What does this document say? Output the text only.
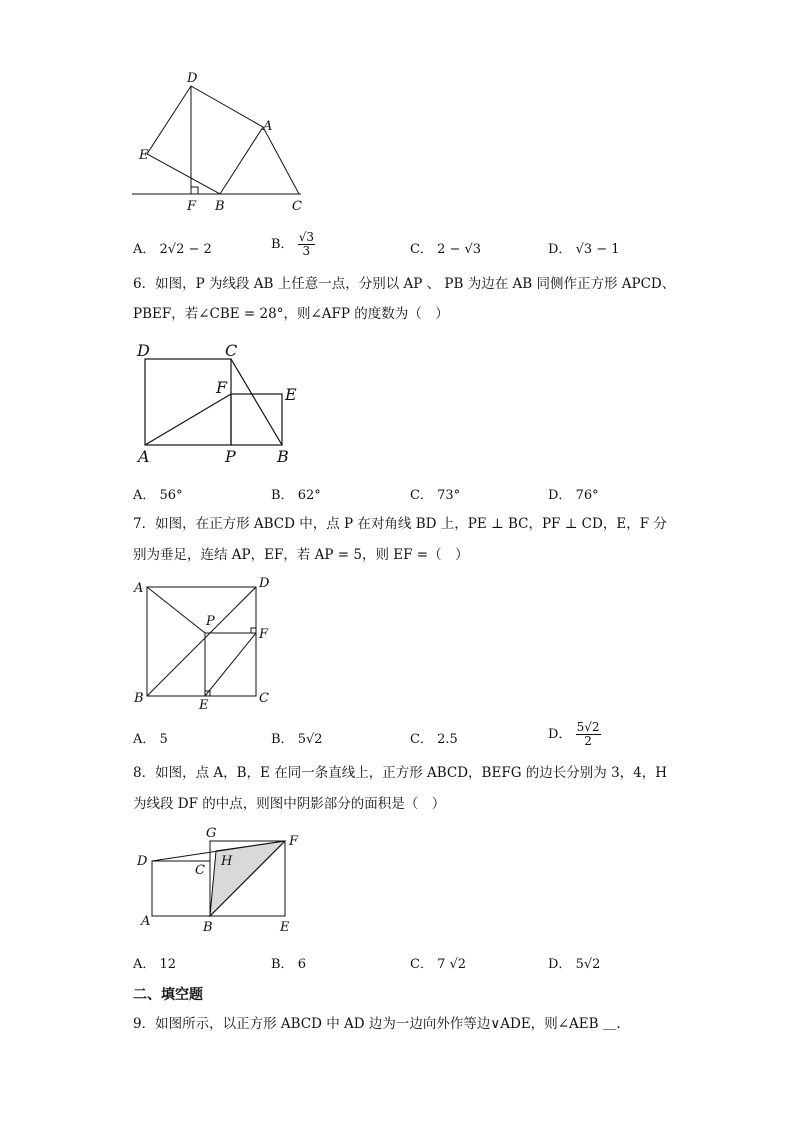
D
A
E
F B	C
A． 2√2 − 2	B． $\frac{√3}{3}$	C． 2 − √3	D． √3 − 1
6．如图，P 为线段 AB 上任意一点，分别以 AP 、 PB 为边在 AB 同侧作正方形 APCD、
PBEF，若∠CBE = 28°，则∠AFP 的度数为（　）
D	C
F	E
A	P	B
A． 56°	B． 62°	C． 73°	D． 76°
7．如图，在正方形 ABCD 中，点 P 在对角线 BD 上，PE ⊥ BC，PF ⊥ CD，E，F 分
别为垂足，连结 AP，EF，若 AP = 5，则 EF =（　）
A	D
P
F
B	E	C
A． 5	B． 5√2	C． 2.5	D． $\frac{5√2}{2}$
8．如图，点 A，B，E 在同一条直线上，正方形 ABCD，BEFG 的边长分别为 3，4，H
为线段 DF 的中点，则图中阴影部分的面积是（　）
G
F
D	H
C
A	B	E
A． 12	B． 6	C． 7 √2	D． 5√2
二、填空题
9．如图所示，以正方形 ABCD 中 AD 边为一边向外作等边∨ADE，则∠AEB ＿.
